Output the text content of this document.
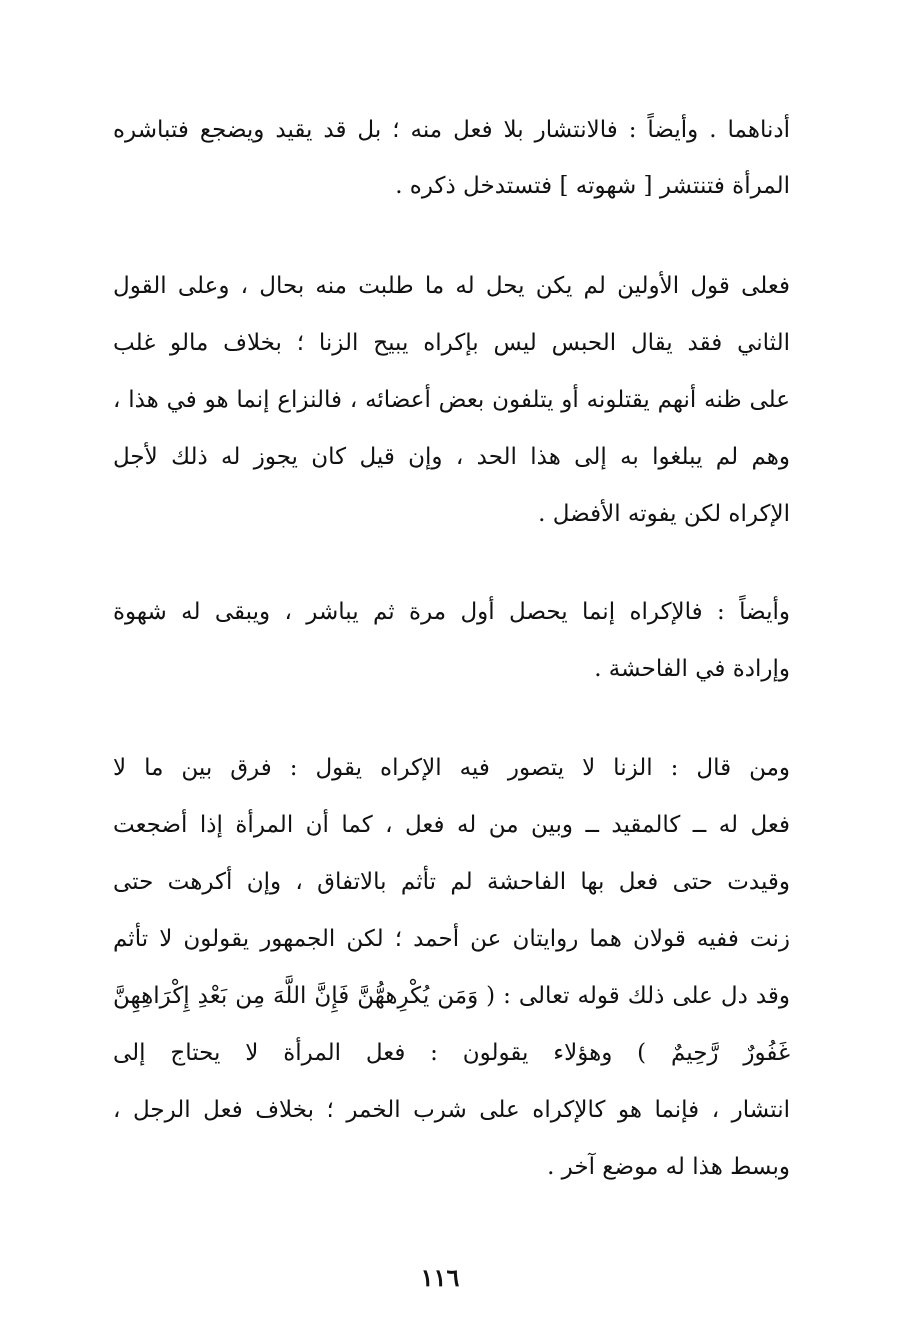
أدناهما . وأيضاً : فالانتشار بلا فعل منه ؛ بل قد يقيد ويضجع فتباشره
المرأة فتنتشر [ شهوته ] فتستدخل ذكره .
فعلى قول الأولين لم يكن يحل له ما طلبت منه بحال ، وعلى القول
الثاني فقد يقال الحبس ليس بإكراه يبيح الزنا ؛ بخلاف مالو غلب
على ظنه أنهم يقتلونه أو يتلفون بعض أعضائه ، فالنزاع إنما هو في هذا ،
وهم لم يبلغوا به إلى هذا الحد ، وإن قيل كان يجوز له ذلك لأجل
الإكراه لكن يفوته الأفضل .
وأيضاً : فالإكراه إنما يحصل أول مرة ثم يباشر ، ويبقى له شهوة
وإرادة في الفاحشة .
ومن قال : الزنا لا يتصور فيه الإكراه يقول : فرق بين ما لا
فعل له ــ كالمقيد ــ وبين من له فعل ، كما أن المرأة إذا أضجعت
وقيدت حتى فعل بها الفاحشة لم تأثم بالاتفاق ، وإن أكرهت حتى
زنت ففيه قولان هما روايتان عن أحمد ؛ لكن الجمهور يقولون لا تأثم
وقد دل على ذلك قوله تعالى : ( وَمَن يُكْرِههُّنَّ فَإِنَّ اللَّهَ مِن بَعْدِ إِكْرَاهِهِنَّ
غَفُورٌ رَّحِيمٌ ) وهؤلاء يقولون : فعل المرأة لا يحتاج إلى
انتشار ، فإنما هو كالإكراه على شرب الخمر ؛ بخلاف فعل الرجل ،
وبسط هذا له موضع آخر .
١١٦
